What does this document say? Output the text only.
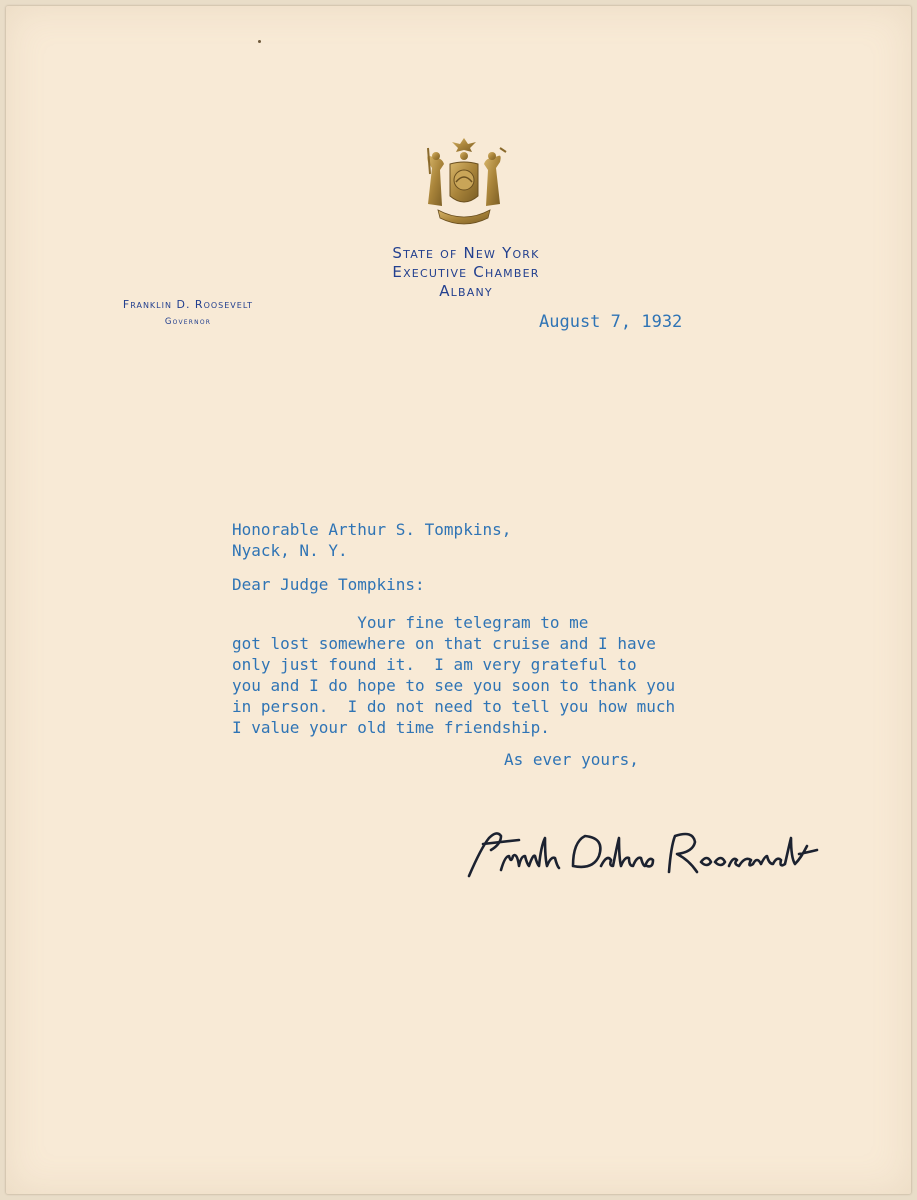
State of New York
Executive Chamber
Albany
Franklin D. Roosevelt
Governor	August 7, 1932
Honorable Arthur S. Tompkins,
Nyack, N. Y.
Dear Judge Tompkins:
Your fine telegram to me
got lost somewhere on that cruise and I have
only just found it.  I am very grateful to
you and I do hope to see you soon to thank you
in person.  I do not need to tell you how much
I value your old time friendship.
As ever yours,
